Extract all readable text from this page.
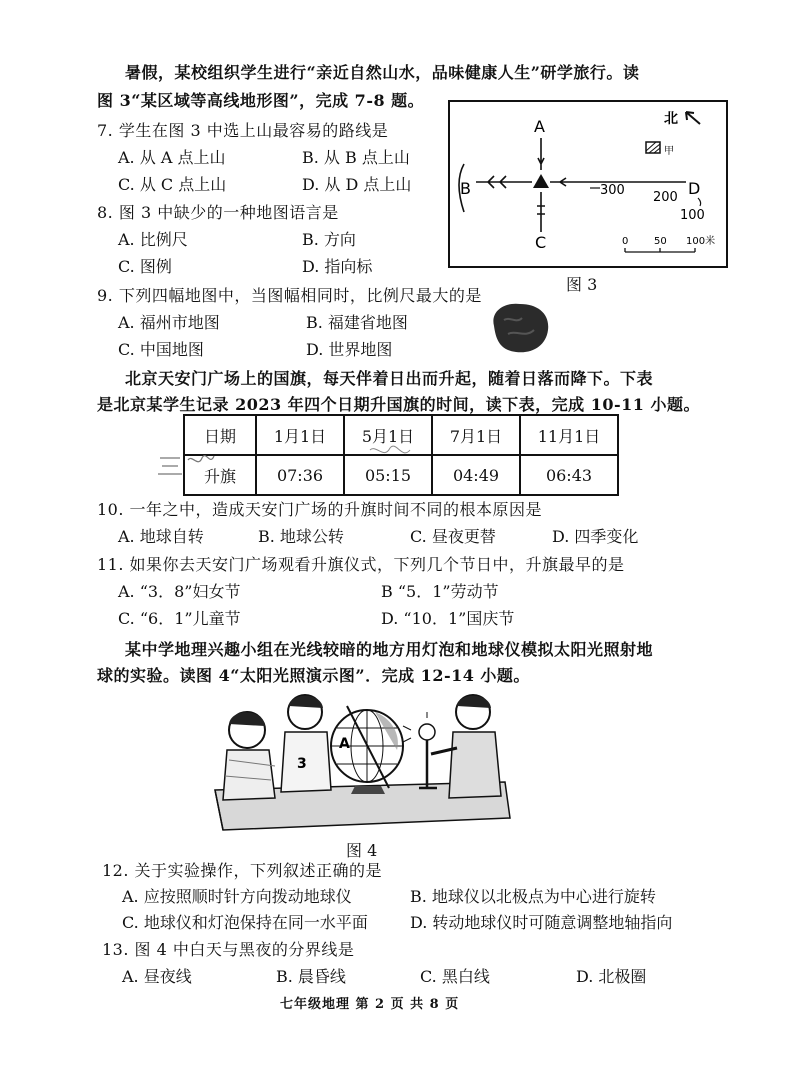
暑假，某校组织学生进行“亲近自然山水，品味健康人生”研学旅行。读
图 3“某区域等高线地形图”，完成 7-8 题。
7. 学生在图 3 中选上山最容易的路线是
A. 从 A 点上山	B. 从 B 点上山
C. 从 C 点上山	D. 从 D 点上山
8. 图 3 中缺少的一种地图语言是
A. 比例尺	B. 方向
C. 图例	D. 指向标
北
甲
A
C
B	D
300 200
100
0	50 100米
图 3
9. 下列四幅地图中，当图幅相同时，比例尺最大的是
A. 福州市地图	B. 福建省地图
C. 中国地图	D. 世界地图
北京天安门广场上的国旗，每天伴着日出而升起，随着日落而降下。下表
是北京某学生记录 2023 年四个日期升国旗的时间，读下表，完成 10-11 小题。
日期	1月1日	5月1日	7月1日	11月1日
升旗	07:36	05:15	04:49	06:43
10. 一年之中，造成天安门广场的升旗时间不同的根本原因是
A. 地球自转	B. 地球公转	C. 昼夜更替	D. 四季变化
11. 如果你去天安门广场观看升旗仪式，下列几个节日中，升旗最早的是
A. “3．8”妇女节	B “5．1”劳动节
C. “6．1”儿童节	D. “10．1”国庆节
某中学地理兴趣小组在光线较暗的地方用灯泡和地球仪模拟太阳光照射地
球的实验。读图 4“太阳光照演示图”．完成 12-14 小题。
3
A
图 4
12. 关于实验操作，下列叙述正确的是
A. 应按照顺时针方向拨动地球仪	B. 地球仪以北极点为中心进行旋转
C. 地球仪和灯泡保持在同一水平面	D. 转动地球仪时可随意调整地轴指向
13. 图 4 中白天与黑夜的分界线是
A. 昼夜线	B. 晨昏线	C. 黑白线	D. 北极圈
七年级地理 第 2 页 共 8 页
